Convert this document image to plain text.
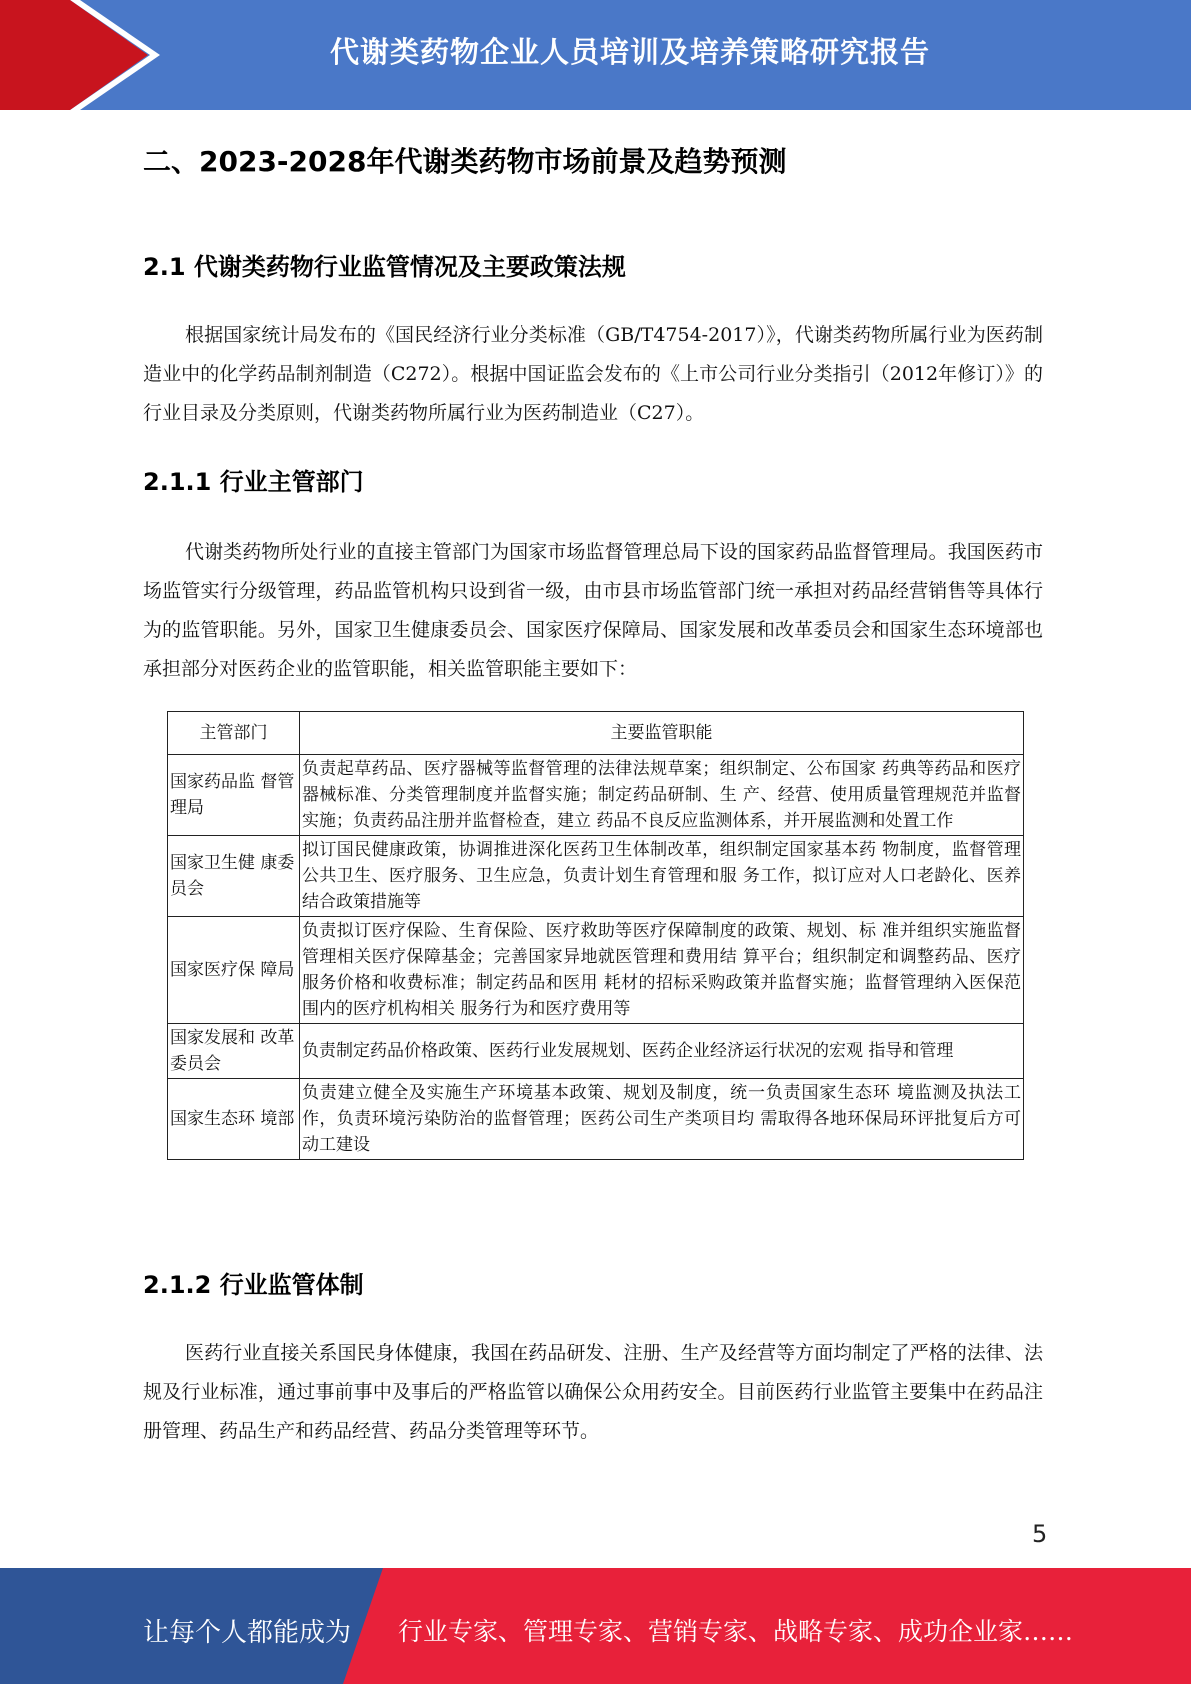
代谢类药物企业人员培训及培养策略研究报告
二、2023-2028年代谢类药物市场前景及趋势预测
2.1 代谢类药物行业监管情况及主要政策法规
根据国家统计局发布的《国民经济行业分类标准（GB/T4754-2017）》，代谢类药物所属行业为医药制造业中的化学药品制剂制造（C272）。根据中国证监会发布的《上市公司行业分类指引（2012年修订）》的行业目录及分类原则，代谢类药物所属行业为医药制造业（C27）。
2.1.1 行业主管部门
代谢类药物所处行业的直接主管部门为国家市场监督管理总局下设的国家药品监督管理局。我国医药市场监管实行分级管理，药品监管机构只设到省一级，由市县市场监管部门统一承担对药品经营销售等具体行为的监管职能。另外，国家卫生健康委员会、国家医疗保障局、国家发展和改革委员会和国家生态环境部也承担部分对医药企业的监管职能，相关监管职能主要如下：
主管部门	主要监管职能
国家药品监 督管理局	负责起草药品、医疗器械等监督管理的法律法规草案；组织制定、公布国家 药典等药品和医疗器械标准、分类管理制度并监督实施；制定药品研制、生 产、经营、使用质量管理规范并监督实施；负责药品注册并监督检查，建立 药品不良反应监测体系，并开展监测和处置工作
国家卫生健 康委员会	拟订国民健康政策，协调推进深化医药卫生体制改革，组织制定国家基本药 物制度，监督管理公共卫生、医疗服务、卫生应急，负责计划生育管理和服 务工作，拟订应对人口老龄化、医养结合政策措施等
国家医疗保 障局	负责拟订医疗保险、生育保险、医疗救助等医疗保障制度的政策、规划、标 准并组织实施监督管理相关医疗保障基金；完善国家异地就医管理和费用结 算平台；组织制定和调整药品、医疗服务价格和收费标准；制定药品和医用 耗材的招标采购政策并监督实施；监督管理纳入医保范围内的医疗机构相关 服务行为和医疗费用等
国家发展和 改革委员会	负责制定药品价格政策、医药行业发展规划、医药企业经济运行状况的宏观 指导和管理
国家生态环 境部	负责建立健全及实施生产环境基本政策、规划及制度，统一负责国家生态环 境监测及执法工作，负责环境污染防治的监督管理；医药公司生产类项目均 需取得各地环保局环评批复后方可动工建设
2.1.2 行业监管体制
医药行业直接关系国民身体健康，我国在药品研发、注册、生产及经营等方面均制定了严格的法律、法规及行业标准，通过事前事中及事后的严格监管以确保公众用药安全。目前医药行业监管主要集中在药品注册管理、药品生产和药品经营、药品分类管理等环节。
5
让每个人都能成为 行业专家、管理专家、营销专家、战略专家、成功企业家……
